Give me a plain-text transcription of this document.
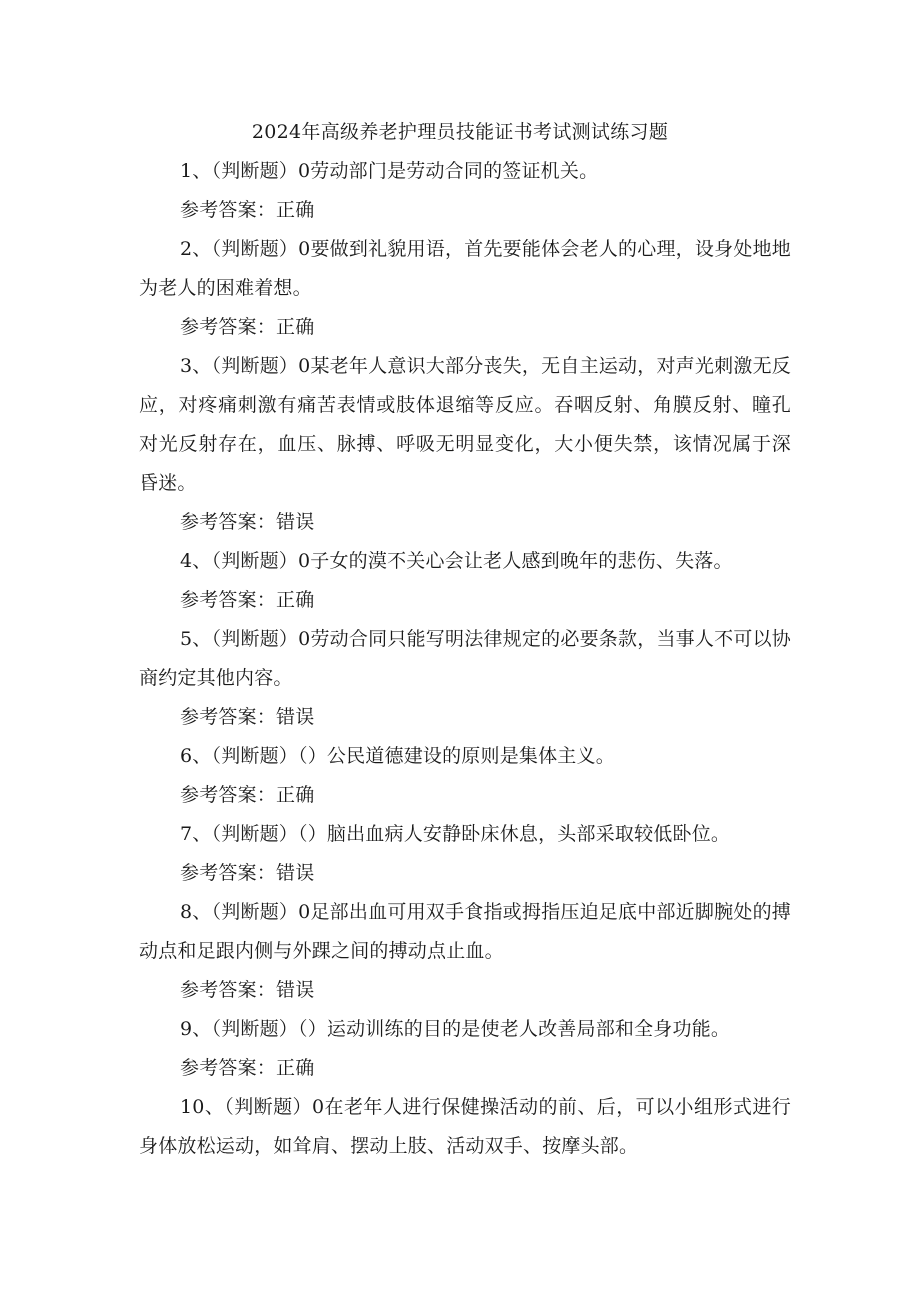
2024年高级养老护理员技能证书考试测试练习题

1、（判断题）0劳动部门是劳动合同的签证机关。

参考答案：正确

2、（判断题）0要做到礼貌用语，首先要能体会老人的心理，设身处地地为老人的困难着想。

参考答案：正确

3、（判断题）0某老年人意识大部分丧失，无自主运动，对声光刺激无反应，对疼痛刺激有痛苦表情或肢体退缩等反应。吞咽反射、角膜反射、瞳孔对光反射存在，血压、脉搏、呼吸无明显变化，大小便失禁，该情况属于深昏迷。

参考答案：错误

4、（判断题）0子女的漠不关心会让老人感到晚年的悲伤、失落。

参考答案：正确

5、（判断题）0劳动合同只能写明法律规定的必要条款，当事人不可以协商约定其他内容。

参考答案：错误

6、（判断题）（）公民道德建设的原则是集体主义。

参考答案：正确

7、（判断题）（）脑出血病人安静卧床休息，头部采取较低卧位。

参考答案：错误

8、（判断题）0足部出血可用双手食指或拇指压迫足底中部近脚腕处的搏动点和足跟内侧与外踝之间的搏动点止血。

参考答案：错误

9、（判断题）（）运动训练的目的是使老人改善局部和全身功能。

参考答案：正确

10、（判断题）0在老年人进行保健操活动的前、后，可以小组形式进行身体放松运动，如耸肩、摆动上肢、活动双手、按摩头部。
